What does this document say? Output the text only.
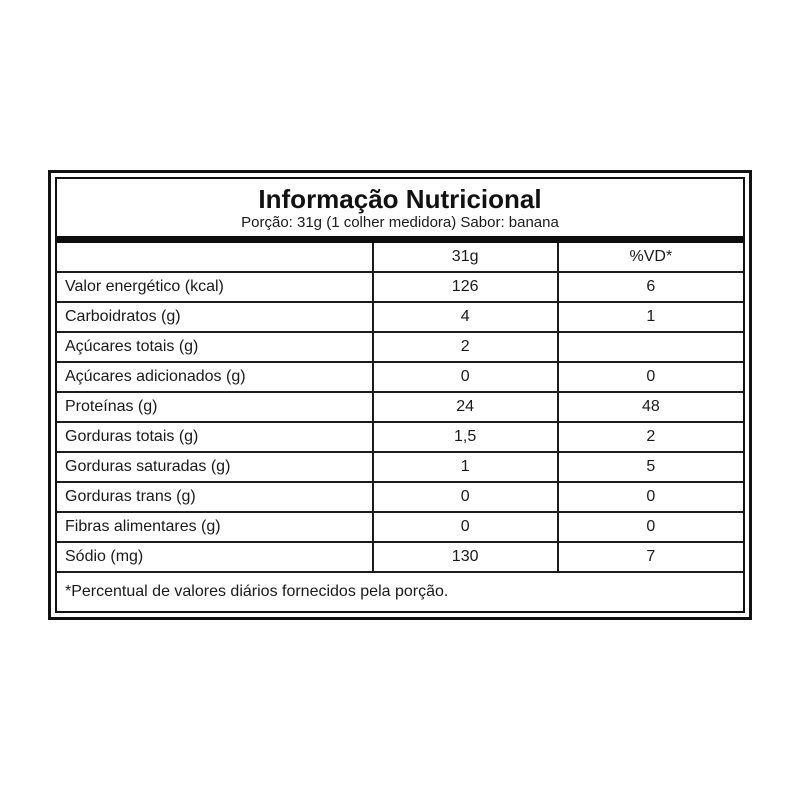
Informação Nutricional
Porção: 31g (1 colher medidora) Sabor: banana
	31g	%VD*
Valor energético (kcal)	126	6
Carboidratos (g)	4	1
Açúcares totais (g)	2	
Açúcares adicionados (g)	0	0
Proteínas (g)	24	48
Gorduras totais (g)	1,5	2
Gorduras saturadas (g)	1	5
Gorduras trans (g)	0	0
Fibras alimentares (g)	0	0
Sódio (mg)	130	7
*Percentual de valores diários fornecidos pela porção.
